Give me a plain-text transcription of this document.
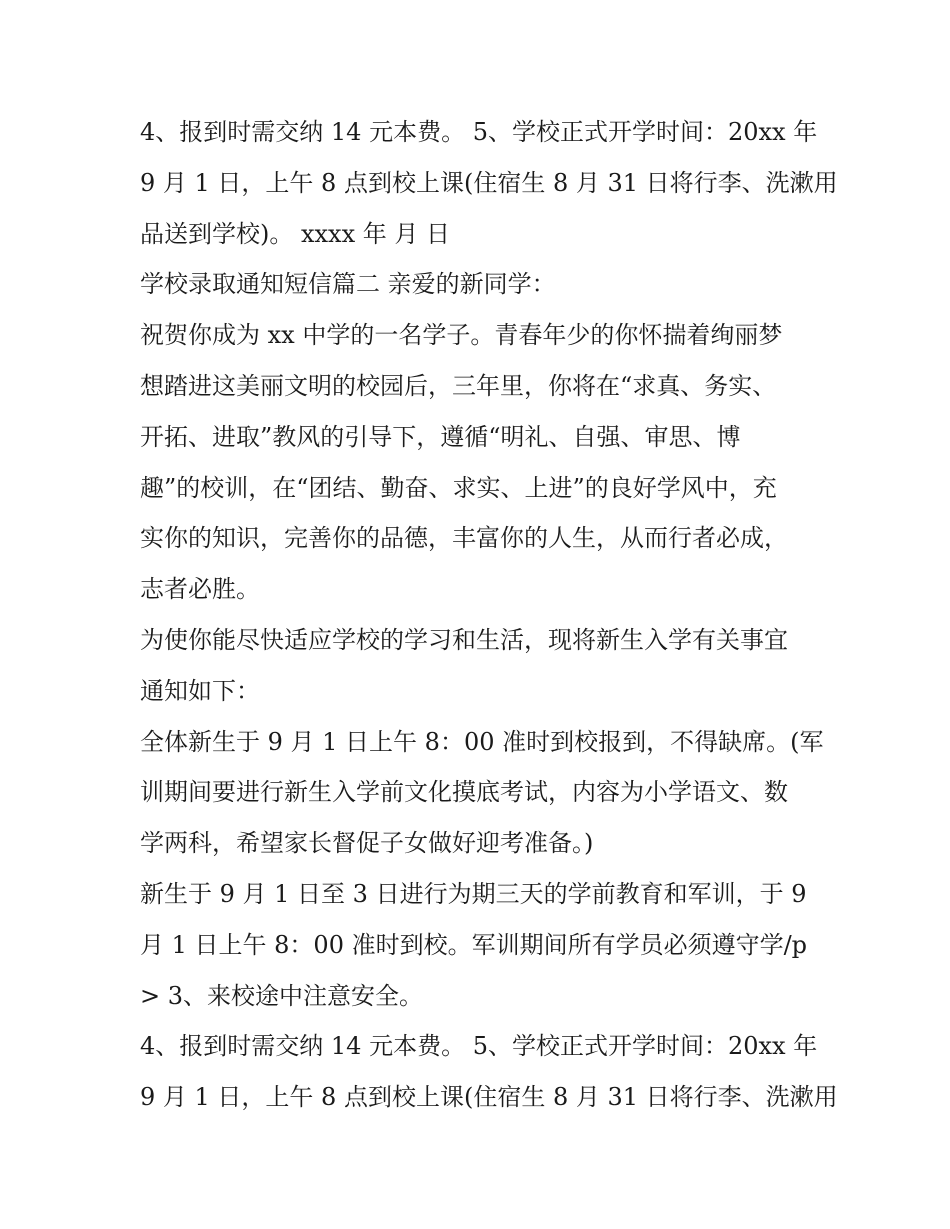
4、报到时需交纳 14 元本费。 5、学校正式开学时间：20xx 年
9 月 1 日，上午 8 点到校上课(住宿生 8 月 31 日将行李、洗漱用
品送到学校)。 xxxx 年 月 日
学校录取通知短信篇二 亲爱的新同学：
祝贺你成为 xx 中学的一名学子。青春年少的你怀揣着绚丽梦
想踏进这美丽文明的校园后，三年里，你将在“求真、务实、
开拓、进取”教风的引导下，遵循“明礼、自强、审思、博
趣”的校训，在“团结、勤奋、求实、上进”的良好学风中，充
实你的知识，完善你的品德，丰富你的人生，从而行者必成，
志者必胜。
为使你能尽快适应学校的学习和生活，现将新生入学有关事宜
通知如下：
全体新生于 9 月 1 日上午 8：00 准时到校报到，不得缺席。(军
训期间要进行新生入学前文化摸底考试，内容为小学语文、数
学两科，希望家长督促子女做好迎考准备。)
新生于 9 月 1 日至 3 日进行为期三天的学前教育和军训，于 9
月 1 日上午 8：00 准时到校。军训期间所有学员必须遵守学/p
> 3、来校途中注意安全。
4、报到时需交纳 14 元本费。 5、学校正式开学时间：20xx 年
9 月 1 日，上午 8 点到校上课(住宿生 8 月 31 日将行李、洗漱用
